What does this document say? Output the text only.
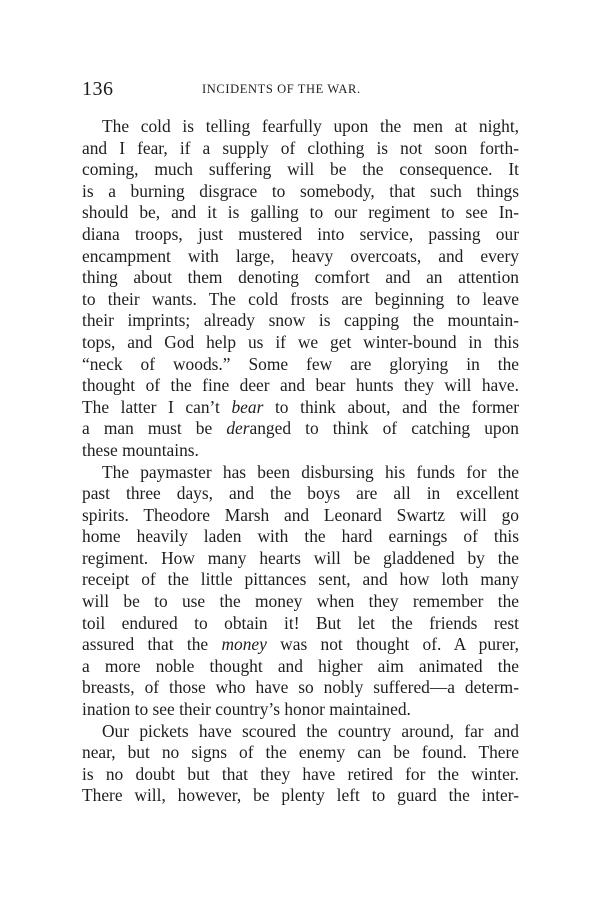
136	INCIDENTS OF THE WAR.
The cold is telling fearfully upon the men at night,
and I fear, if a supply of clothing is not soon forth-
coming, much suffering will be the consequence. It
is a burning disgrace to somebody, that such things
should be, and it is galling to our regiment to see In-
diana troops, just mustered into service, passing our
encampment with large, heavy overcoats, and every
thing about them denoting comfort and an attention
to their wants. The cold frosts are beginning to leave
their imprints; already snow is capping the mountain-
tops, and God help us if we get winter-bound in this
“neck of woods.” Some few are glorying in the
thought of the fine deer and bear hunts they will have.
The latter I can’t bear to think about, and the former
a man must be deranged to think of catching upon
these mountains.
The paymaster has been disbursing his funds for the
past three days, and the boys are all in excellent
spirits. Theodore Marsh and Leonard Swartz will go
home heavily laden with the hard earnings of this
regiment. How many hearts will be gladdened by the
receipt of the little pittances sent, and how loth many
will be to use the money when they remember the
toil endured to obtain it! But let the friends rest
assured that the money was not thought of. A purer,
a more noble thought and higher aim animated the
breasts, of those who have so nobly suffered—a determ-
ination to see their country’s honor maintained.
Our pickets have scoured the country around, far and
near, but no signs of the enemy can be found. There
is no doubt but that they have retired for the winter.
There will, however, be plenty left to guard the inter-
